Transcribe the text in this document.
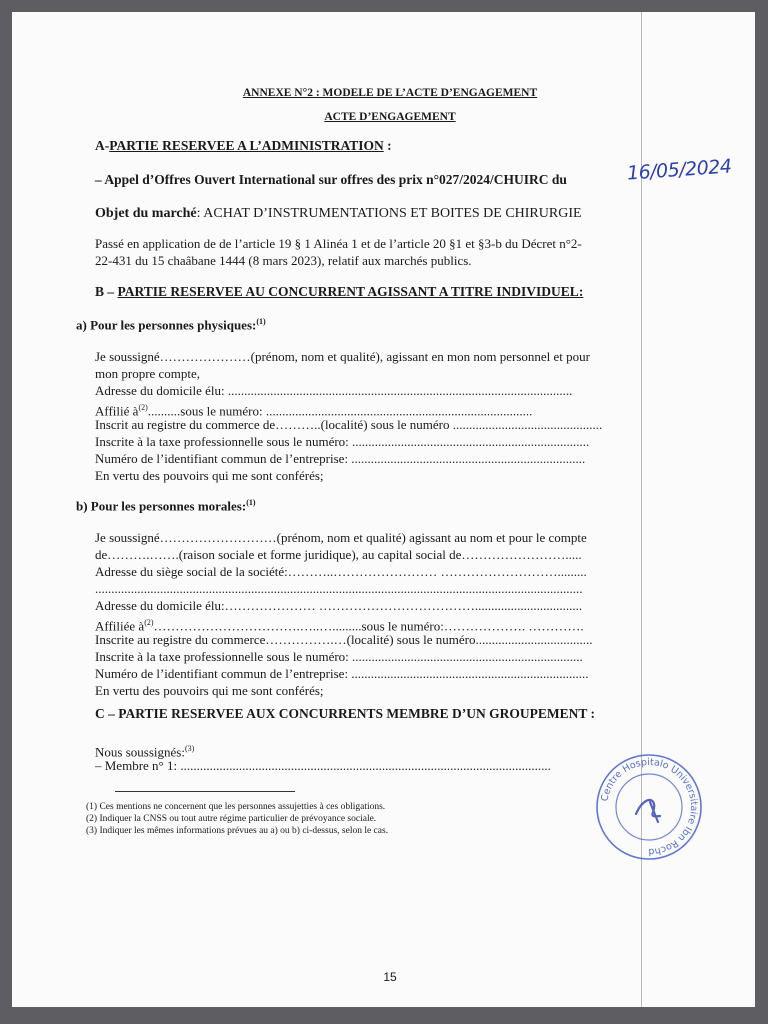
ANNEXE N°2 : MODELE DE L’ACTE D’ENGAGEMENT
ACTE D’ENGAGEMENT
A-PARTIE RESERVEE A L’ADMINISTRATION :
– Appel d’Offres Ouvert International sur offres des prix n°027/2024/CHUIRC du	16/05/2024
Objet du marché: ACHAT D’INSTRUMENTATIONS ET BOITES DE CHIRURGIE
Passé en application de de l’article 19 § 1 Alinéa 1 et de l’article 20 §1 et §3-b du Décret n°2-
22-431 du 15 chaâbane 1444 (8 mars 2023), relatif aux marchés publics.
B – PARTIE RESERVEE AU CONCURRENT AGISSANT A TITRE INDIVIDUEL:
a) Pour les personnes physiques:$^{(1)}$
Je soussigné…………………(prénom, nom et qualité), agissant en mon nom personnel et pour
mon propre compte,
Adresse du domicile élu: ..........................................................................................................
Affilié $à^{(2)}..........sous$ le numéro: ..................................................................................
Inscrit au registre du commerce de………..(localité) sous le numéro ..............................................
Inscrite à la taxe professionnelle sous le numéro: .........................................................................
Numéro de l’identifiant commun de l’entreprise: ........................................................................
En vertu des pouvoirs qui me sont conférés;
b) Pour les personnes morales:$^{(1)}$
Je soussigné………………………(prénom, nom et qualité) agissant au nom et pour le compte
de……….…….(raison sociale et forme juridique), au capital social de…………………….....
Adresse du siège social de la société:………..…………………… ……………………….........
......................................................................................................................................................
Adresse du domicile élu:………………… ……………………………….................................
Affiliée $à^{(2)}\dots\dots\dots\dots\dots\dots\dots\dots\dots\dots\dots.\dots..\dots.........sous$ le numéro:………………. ………….
Inscrite au registre du commerce…………….…(localité) sous le numéro....................................
Inscrite à la taxe professionnelle sous le numéro: .......................................................................
Numéro de l’identifiant commun de l’entreprise: .........................................................................
En vertu des pouvoirs qui me sont conférés;
C – PARTIE RESERVEE AUX CONCURRENTS MEMBRE D’UN GROUPEMENT :
Nous soussignés:$^{(3)}$
– Membre n° 1: ..................................................................................................................
(1) Ces mentions ne concernent que les personnes assujetties à ces obligations.
(2) Indiquer la CNSS ou tout autre régime particulier de prévoyance sociale.
(3) Indiquer les mêmes informations prévues au a) ou b) ci-dessus, selon le cas.
Centre Hospitalo Universitaire Ibn Rochd
15
